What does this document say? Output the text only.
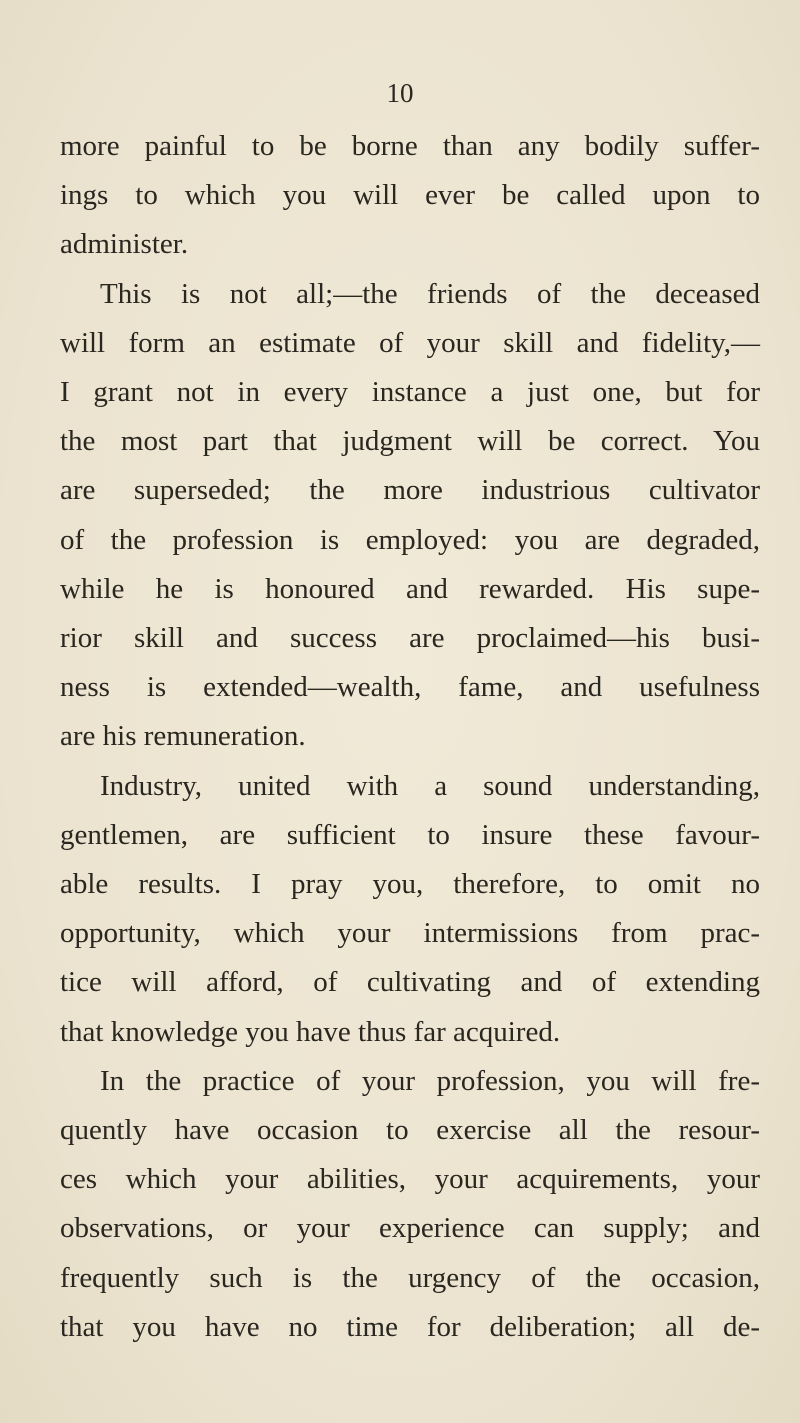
10

more painful to be borne than any bodily suffer-
ings to which you will ever be called upon to
administer.
This is not all;—the friends of the deceased
will form an estimate of your skill and fidelity,—
I grant not in every instance a just one, but for
the most part that judgment will be correct. You
are superseded; the more industrious cultivator
of the profession is employed: you are degraded,
while he is honoured and rewarded. His supe-
rior skill and success are proclaimed—his busi-
ness is extended—wealth, fame, and usefulness
are his remuneration.
Industry, united with a sound understanding,
gentlemen, are sufficient to insure these favour-
able results. I pray you, therefore, to omit no
opportunity, which your intermissions from prac-
tice will afford, of cultivating and of extending
that knowledge you have thus far acquired.
In the practice of your profession, you will fre-
quently have occasion to exercise all the resour-
ces which your abilities, your acquirements, your
observations, or your experience can supply; and
frequently such is the urgency of the occasion,
that you have no time for deliberation; all de-
